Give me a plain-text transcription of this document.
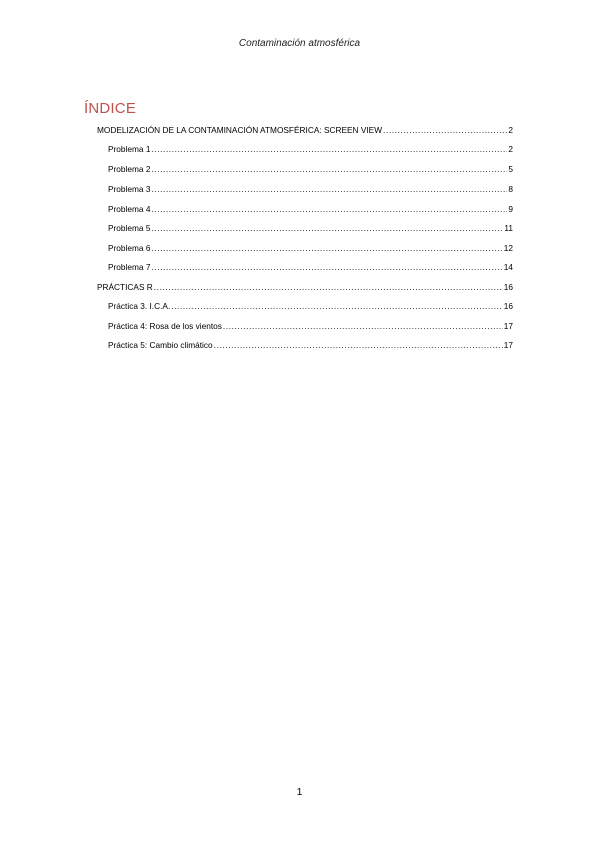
Contaminación atmosférica
ÍNDICE
MODELIZACIÓN DE LA CONTAMINACIÓN ATMOSFÉRICA: SCREEN VIEW .....	2
Problema 1 .....	2
Problema 2 .....	5
Problema 3 .....	8
Problema 4 .....	9
Problema 5 .....	11
Problema 6 .....	12
Problema 7 .....	14
PRÁCTICAS R .....	16
Práctica 3. I.C.A. .....	16
Práctica 4: Rosa de los vientos .....	17
Práctica 5: Cambio climático .....	17
1
